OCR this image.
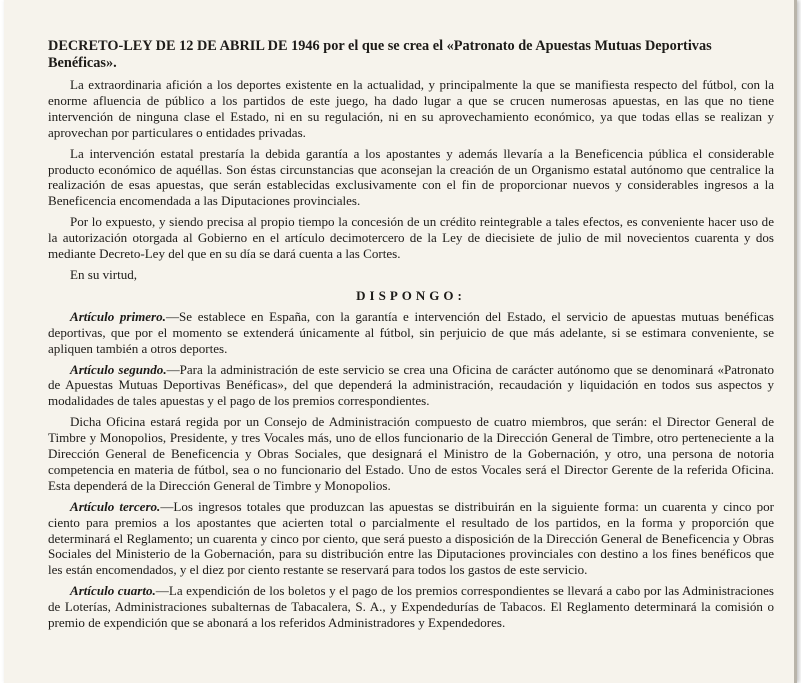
DECRETO-LEY DE 12 DE ABRIL DE 1946 por el que se crea el «Patronato de Apuestas Mutuas Deportivas Benéficas».

La extraordinaria afición a los deportes existente en la actualidad, y principalmente la que se manifiesta respecto del fútbol, con la enorme afluencia de público a los partidos de este juego, ha dado lugar a que se crucen numerosas apuestas, en las que no tiene intervención de ninguna clase el Estado, ni en su regulación, ni en su aprovechamiento económico, ya que todas ellas se realizan y aprovechan por particulares o entidades privadas.

La intervención estatal prestaría la debida garantía a los apostantes y además llevaría a la Beneficencia pública el considerable producto económico de aquéllas. Son éstas circunstancias que aconsejan la creación de un Organismo estatal autónomo que centralice la realización de esas apuestas, que serán establecidas exclusivamente con el fin de proporcionar nuevos y considerables ingresos a la Beneficencia encomendada a las Diputaciones provinciales.

Por lo expuesto, y siendo precisa al propio tiempo la concesión de un crédito reintegrable a tales efectos, es conveniente hacer uso de la autorización otorgada al Gobierno en el artículo decimotercero de la Ley de diecisiete de julio de mil novecientos cuarenta y dos mediante Decreto-Ley del que en su día se dará cuenta a las Cortes.

En su virtud,

DISPONGO:

Artículo primero.—Se establece en España, con la garantía e intervención del Estado, el servicio de apuestas mutuas benéficas deportivas, que por el momento se extenderá únicamente al fútbol, sin perjuicio de que más adelante, si se estimara conveniente, se apliquen también a otros deportes.

Artículo segundo.—Para la administración de este servicio se crea una Oficina de carácter autónomo que se denominará «Patronato de Apuestas Mutuas Deportivas Benéficas», del que dependerá la administración, recaudación y liquidación en todos sus aspectos y modalidades de tales apuestas y el pago de los premios correspondientes.

Dicha Oficina estará regida por un Consejo de Administración compuesto de cuatro miembros, que serán: el Director General de Timbre y Monopolios, Presidente, y tres Vocales más, uno de ellos funcionario de la Dirección General de Timbre, otro perteneciente a la Dirección General de Beneficencia y Obras Sociales, que designará el Ministro de la Gobernación, y otro, una persona de notoria competencia en materia de fútbol, sea o no funcionario del Estado. Uno de estos Vocales será el Director Gerente de la referida Oficina. Esta dependerá de la Dirección General de Timbre y Monopolios.

Artículo tercero.—Los ingresos totales que produzcan las apuestas se distribuirán en la siguiente forma: un cuarenta y cinco por ciento para premios a los apostantes que acierten total o parcialmente el resultado de los partidos, en la forma y proporción que determinará el Reglamento; un cuarenta y cinco por ciento, que será puesto a disposición de la Dirección General de Beneficencia y Obras Sociales del Ministerio de la Gobernación, para su distribución entre las Diputaciones provinciales con destino a los fines benéficos que les están encomendados, y el diez por ciento restante se reservará para todos los gastos de este servicio.

Artículo cuarto.—La expendición de los boletos y el pago de los premios correspondientes se llevará a cabo por las Administraciones de Loterías, Administraciones subalternas de Tabacalera, S. A., y Expendedurías de Tabacos. El Reglamento determinará la comisión o premio de expendición que se abonará a los referidos Administradores y Expendedores.
